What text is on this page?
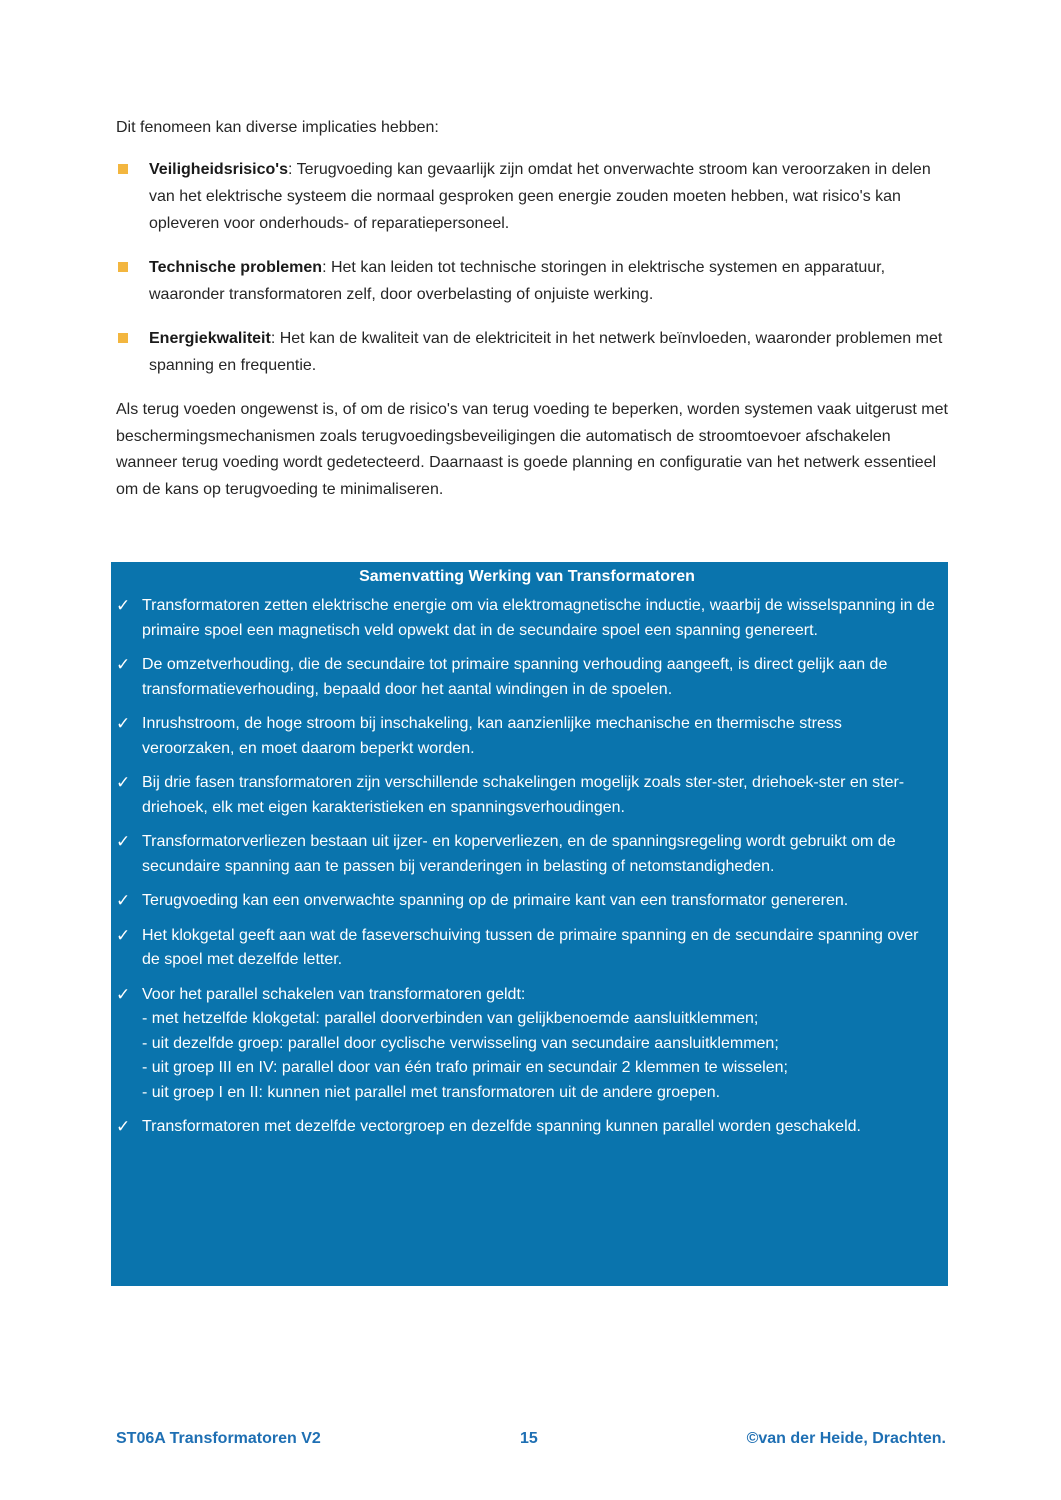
Dit fenomeen kan diverse implicaties hebben:

Veiligheidsrisico's: Terugvoeding kan gevaarlijk zijn omdat het onverwachte stroom kan veroorzaken in delen van het elektrische systeem die normaal gesproken geen energie zouden moeten hebben, wat risico's kan opleveren voor onderhouds- of reparatiepersoneel.
Technische problemen: Het kan leiden tot technische storingen in elektrische systemen en apparatuur, waaronder transformatoren zelf, door overbelasting of onjuiste werking.
Energiekwaliteit: Het kan de kwaliteit van de elektriciteit in het netwerk beïnvloeden, waaronder problemen met spanning en frequentie.

Als terug voeden ongewenst is, of om de risico's van terug voeding te beperken, worden systemen vaak uitgerust met beschermingsmechanismen zoals terugvoedingsbeveiligingen die automatisch de stroomtoevoer afschakelen wanneer terug voeding wordt gedetecteerd. Daarnaast is goede planning en configuratie van het netwerk essentieel om de kans op terugvoeding te minimaliseren.

Samenvatting Werking van Transformatoren
✓ Transformatoren zetten elektrische energie om via elektromagnetische inductie, waarbij de wisselspanning in de primaire spoel een magnetisch veld opwekt dat in de secundaire spoel een spanning genereert.
✓ De omzetverhouding, die de secundaire tot primaire spanning verhouding aangeeft, is direct gelijk aan de transformatieverhouding, bepaald door het aantal windingen in de spoelen.
✓ Inrushstroom, de hoge stroom bij inschakeling, kan aanzienlijke mechanische en thermische stress veroorzaken, en moet daarom beperkt worden.
✓ Bij drie fasen transformatoren zijn verschillende schakelingen mogelijk zoals ster-ster, driehoek-ster en ster-driehoek, elk met eigen karakteristieken en spanningsverhoudingen.
✓ Transformatorverliezen bestaan uit ijzer- en koperverliezen, en de spanningsregeling wordt gebruikt om de secundaire spanning aan te passen bij veranderingen in belasting of netomstandigheden.
✓ Terugvoeding kan een onverwachte spanning op de primaire kant van een transformator genereren.
✓ Het klokgetal geeft aan wat de faseverschuiving tussen de primaire spanning en de secundaire spanning over de spoel met dezelfde letter.
✓ Voor het parallel schakelen van transformatoren geldt:
- met hetzelfde klokgetal: parallel doorverbinden van gelijkbenoemde aansluitklemmen;
- uit dezelfde groep: parallel door cyclische verwisseling van secundaire aansluitklemmen;
- uit groep III en IV: parallel door van één trafo primair en secundair 2 klemmen te wisselen;
- uit groep I en II: kunnen niet parallel met transformatoren uit de andere groepen.
✓ Transformatoren met dezelfde vectorgroep en dezelfde spanning kunnen parallel worden geschakeld.
ST06A Transformatoren V2	15	©van der Heide, Drachten.
